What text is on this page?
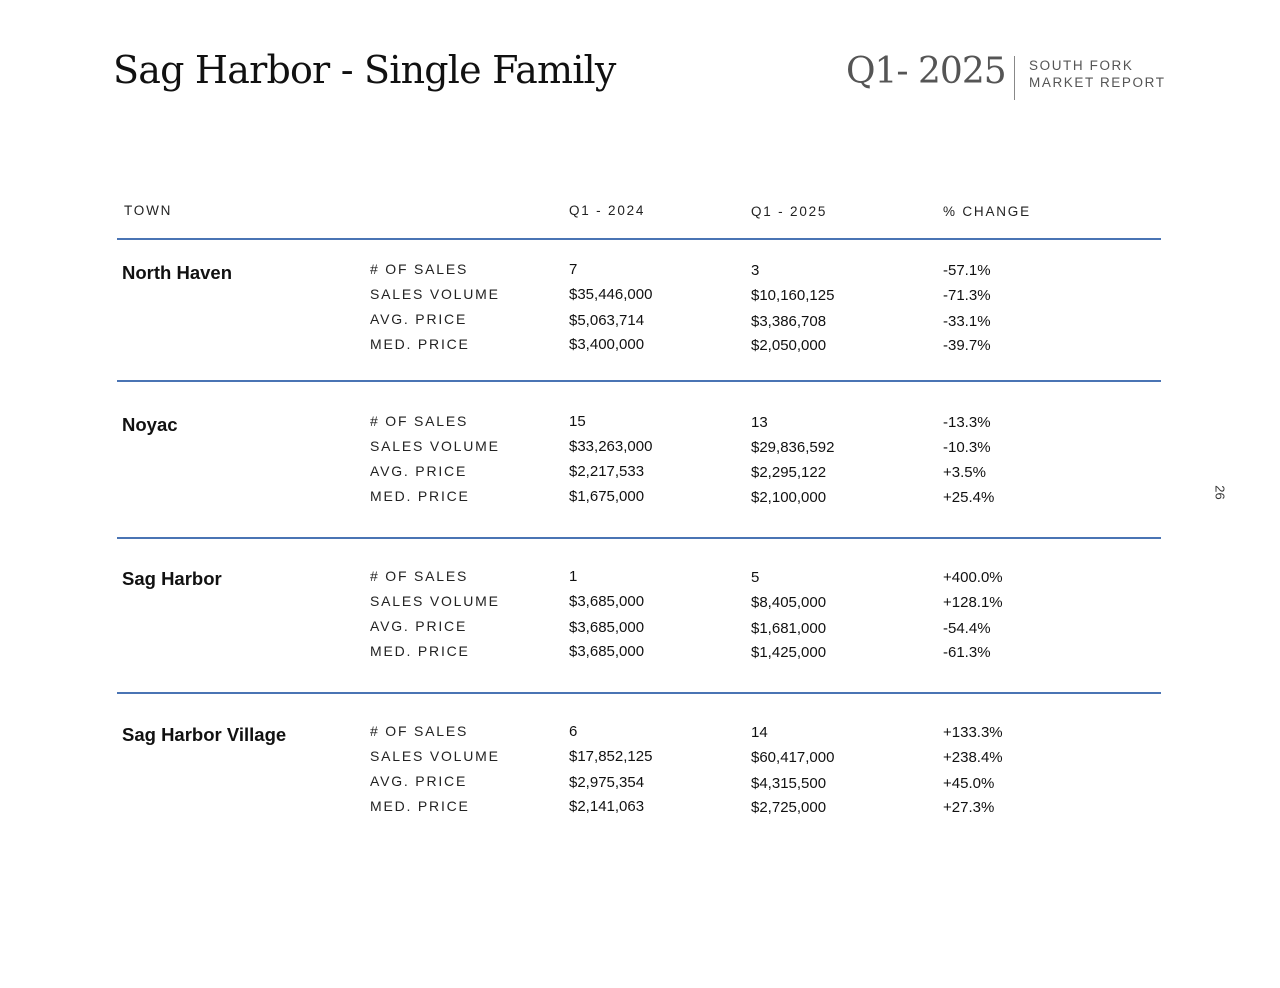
Sag Harbor - Single Family	Q1- 2025 SOUTH FORK
MARKET REPORT
26
TOWN	Q1 - 2024	Q1 - 2025	% CHANGE
North Haven	# OF SALES	7	3	-57.1%
SALES VOLUME	$35,446,000	$10,160,125	-71.3%
AVG. PRICE	$5,063,714	$3,386,708	-33.1%
MED. PRICE	$3,400,000	$2,050,000	-39.7%
Noyac	# OF SALES	15	13	-13.3%
SALES VOLUME	$33,263,000	$29,836,592	-10.3%
AVG. PRICE	$2,217,533	$2,295,122	+3.5%
MED. PRICE	$1,675,000	$2,100,000	+25.4%
Sag Harbor	# OF SALES	1	5	+400.0%
SALES VOLUME	$3,685,000	$8,405,000	+128.1%
AVG. PRICE	$3,685,000	$1,681,000	-54.4%
MED. PRICE	$3,685,000	$1,425,000	-61.3%
Sag Harbor Village	# OF SALES	6	14	+133.3%
SALES VOLUME	$17,852,125	$60,417,000	+238.4%
AVG. PRICE	$2,975,354	$4,315,500	+45.0%
MED. PRICE	$2,141,063	$2,725,000	+27.3%
